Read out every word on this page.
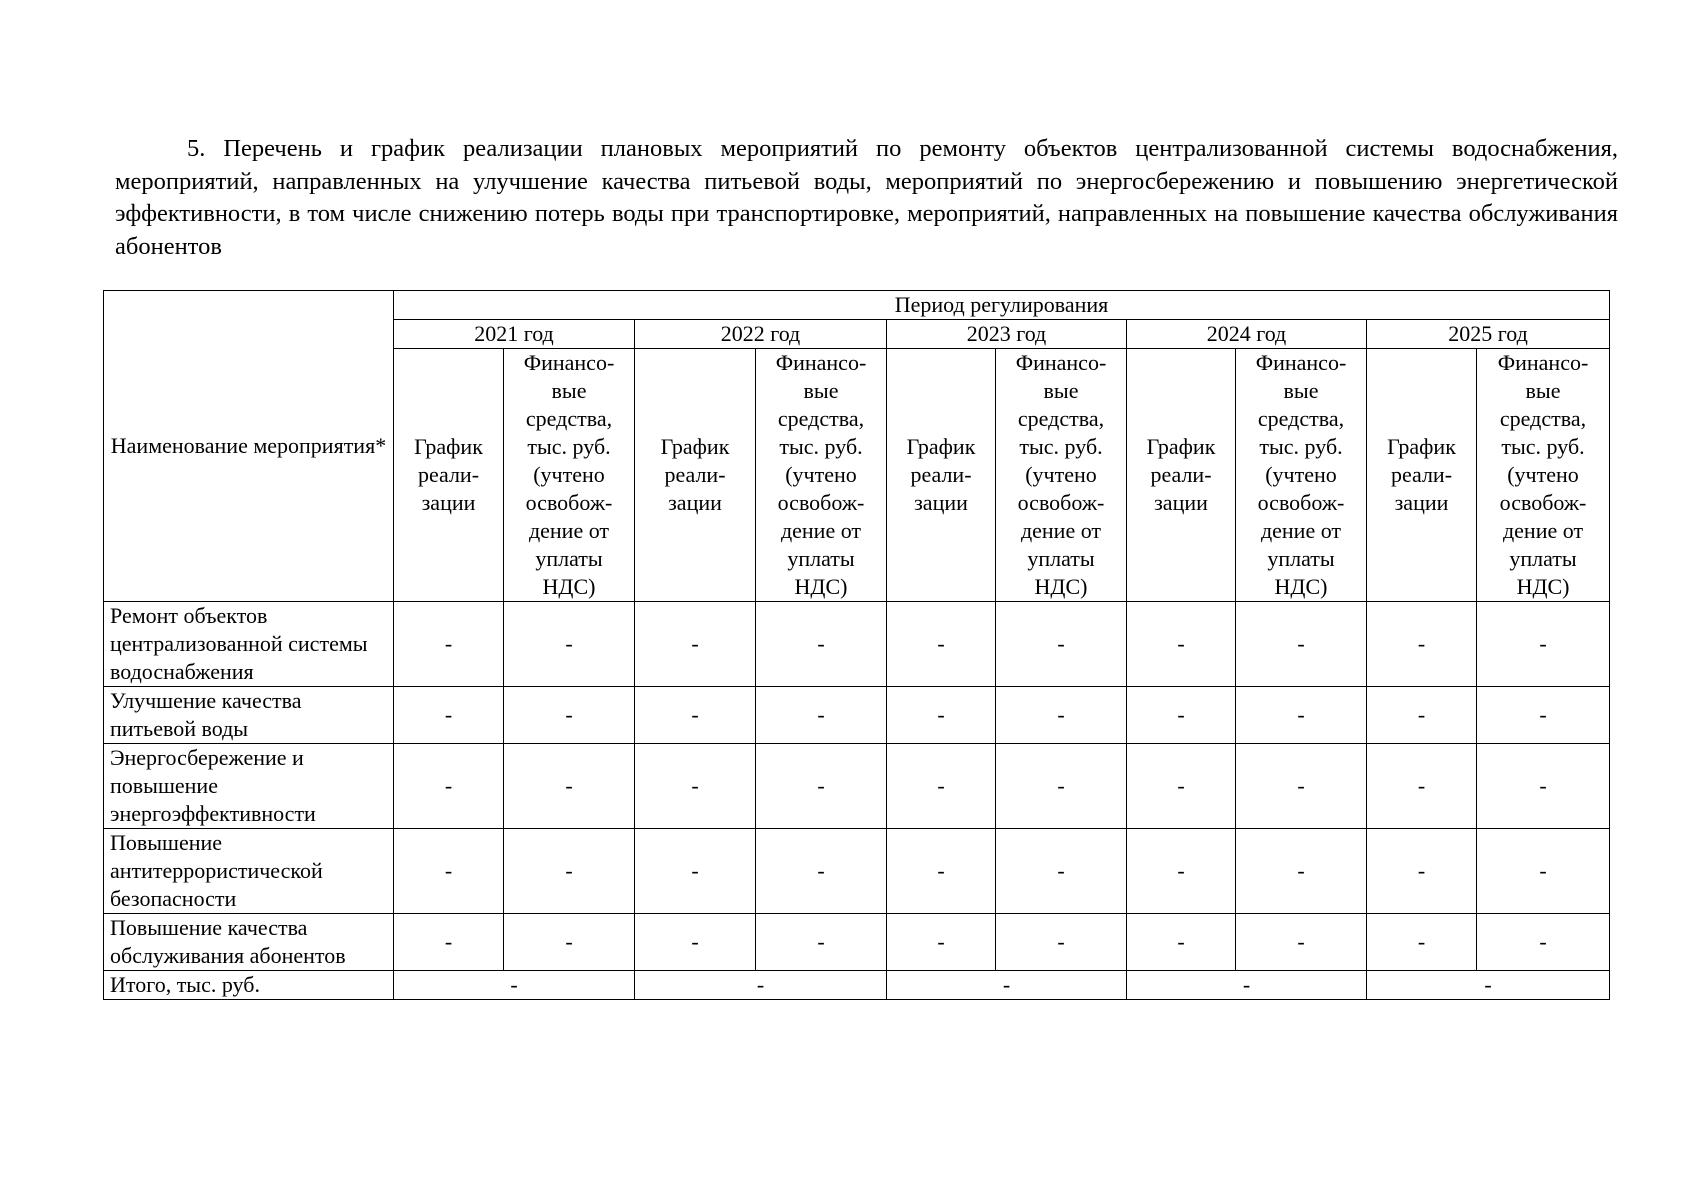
5. Перечень и график реализации плановых мероприятий по ремонту объектов централизованной системы водоснабжения, мероприятий, направленных на улучшение качества питьевой воды, мероприятий по энергосбережению и повышению энергетической эффективности, в том числе снижению потерь воды при транспортировке, мероприятий, направленных на повышение качества обслуживания абонентов

Наименование мероприятия*	Период регулирования									
	2021 год		2022 год		2023 год		2024 год		2025 год	
	График реали-зации	Финансо-вые средства, тыс. руб. (учтено освобож-дение от уплаты НДС)	График реали-зации	Финансо-вые средства, тыс. руб. (учтено освобож-дение от уплаты НДС)	График реали-зации	Финансо-вые средства, тыс. руб. (учтено освобож-дение от уплаты НДС)	График реали-зации	Финансо-вые средства, тыс. руб. (учтено освобож-дение от уплаты НДС)	График реали-зации	Финансо-вые средства, тыс. руб. (учтено освобож-дение от уплаты НДС)
Ремонт объектов централизованной системы водоснабжения	-	-	-	-	-	-	-	-	-	-
Улучшение качества питьевой воды	-	-	-	-	-	-	-	-	-	-
Энергосбережение и повышение энергоэффективности	-	-	-	-	-	-	-	-	-	-
Повышение антитеррористической безопасности	-	-	-	-	-	-	-	-	-	-
Повышение качества обслуживания абонентов	-	-	-	-	-	-	-	-	-	-
Итого, тыс. руб.	-		-		-		-		-	
